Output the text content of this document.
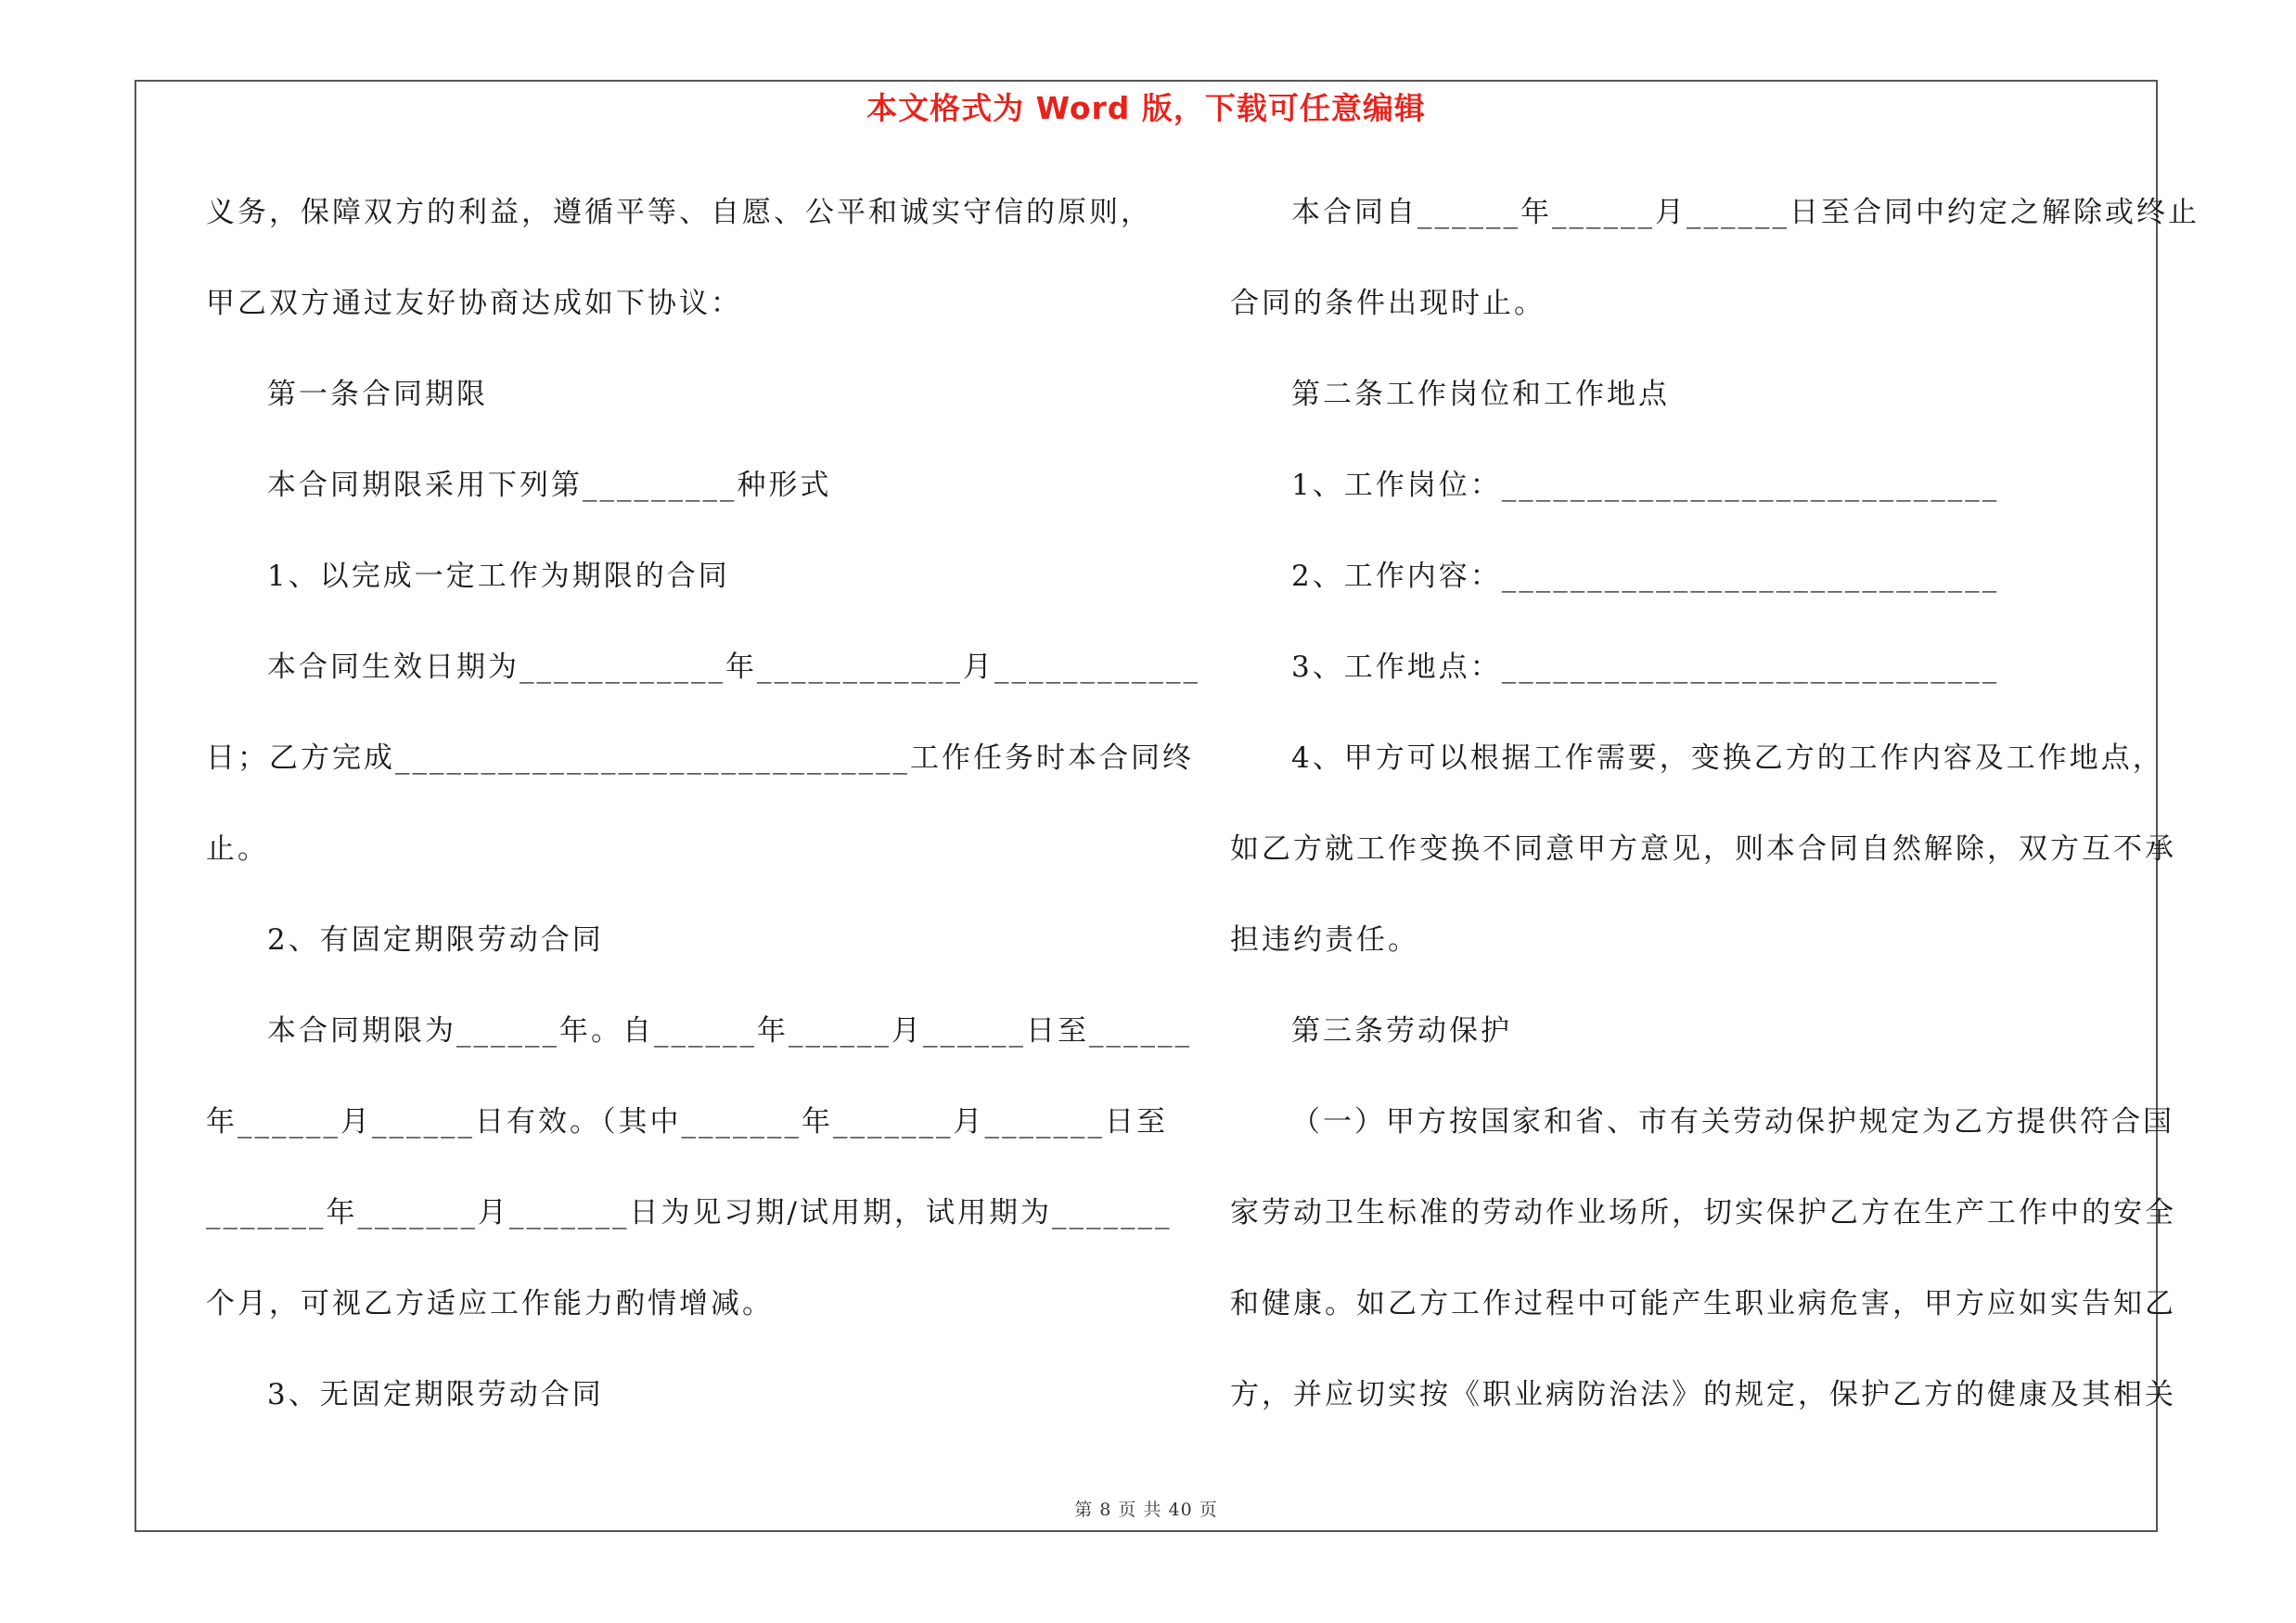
本文格式为 Word 版，下载可任意编辑
义务，保障双方的利益，遵循平等、自愿、公平和诚实守信的原则，
甲乙双方通过友好协商达成如下协议：
第一条合同期限
本合同期限采用下列第_________种形式
1、以完成一定工作为期限的合同
本合同生效日期为____________年____________月____________
日；乙方完成______________________________工作任务时本合同终
止。
2、有固定期限劳动合同
本合同期限为______年。自______年______月______日至______
年______月______日有效。（其中_______年_______月_______日至
_______年_______月_______日为见习期/试用期，试用期为_______
个月，可视乙方适应工作能力酌情增减。
3、无固定期限劳动合同
本合同自______年______月______日至合同中约定之解除或终止
合同的条件出现时止。
第二条工作岗位和工作地点
1、工作岗位：_____________________________
2、工作内容：_____________________________
3、工作地点：_____________________________
4、甲方可以根据工作需要，变换乙方的工作内容及工作地点，
如乙方就工作变换不同意甲方意见，则本合同自然解除，双方互不承
担违约责任。
第三条劳动保护
（一）甲方按国家和省、市有关劳动保护规定为乙方提供符合国
家劳动卫生标准的劳动作业场所，切实保护乙方在生产工作中的安全
和健康。如乙方工作过程中可能产生职业病危害，甲方应如实告知乙
方，并应切实按《职业病防治法》的规定，保护乙方的健康及其相关
第 8 页 共 40 页
